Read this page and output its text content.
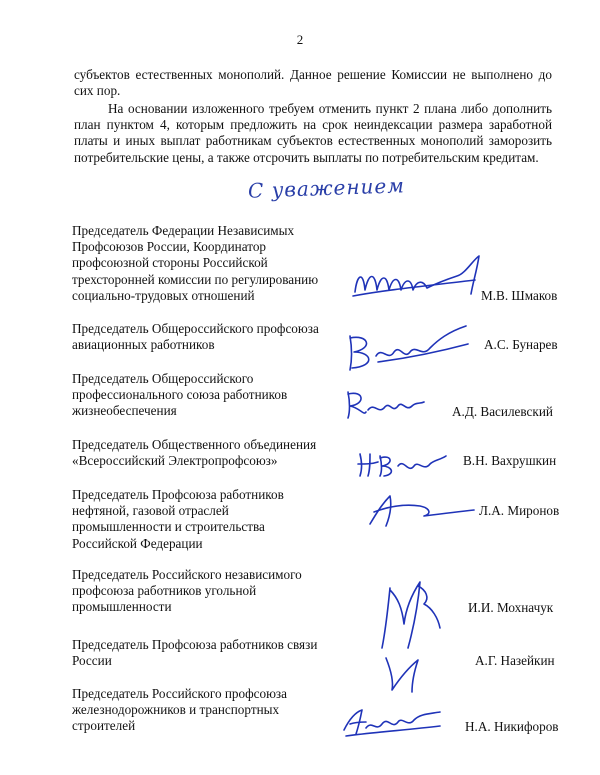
2
субъектов естественных монополий. Данное решение Комиссии не выполнено до
сих пор.
На основании изложенного требуем отменить пункт 2 плана либо дополнить план пунктом 4, которым предложить на срок неиндексации размера заработной платы и иных выплат работникам субъектов естественных монополий заморозить потребительские цены, а также отсрочить выплаты по потребительским кредитам.
С уважением
Председатель Федерации Независимых
Профсоюзов России, Координатор
профсоюзной стороны Российской
трехсторонней комиссии по регулированию
социально-трудовых отношений	М.В. Шмаков
Председатель Общероссийского профсоюза
авиационных работников	А.С. Бунарев
Председатель Общероссийского
профессионального союза работников
жизнеобеспечения	А.Д. Василевский
Председатель Общественного объединения
«Всероссийский Электропрофсоюз»	В.Н. Вахрушкин
Председатель Профсоюза работников
нефтяной, газовой отраслей
промышленности и строительства
Российской Федерации
Л.А. Миронов
Председатель Российского независимого
профсоюза работников угольной
промышленности	И.И. Мохначук
Председатель Профсоюза работников связи
России	А.Г. Назейкин
Председатель Российского профсоюза
железнодорожников и транспортных
строителей	Н.А. Никифоров
